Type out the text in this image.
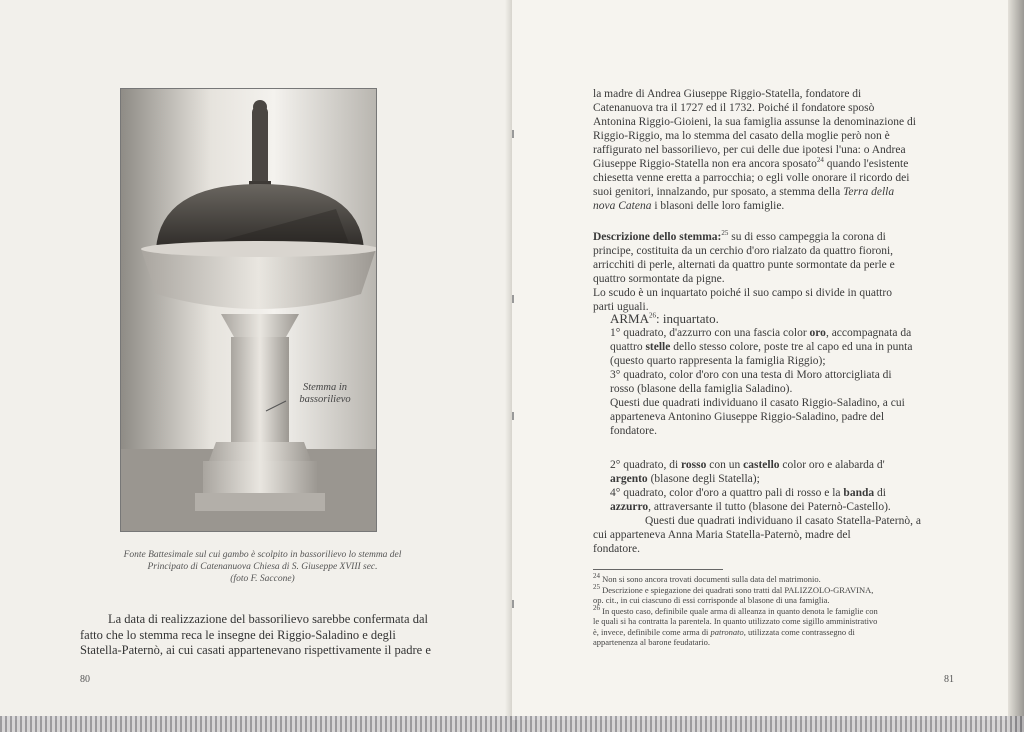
Stemma in
bassorilievo
Fonte Battesimale sul cui gambo è scolpito in bassorilievo lo stemma del
Principato di Catenanuova Chiesa di S. Giuseppe XVIII sec.
(foto F. Saccone)
La data di realizzazione del bassorilievo sarebbe confermata dal
fatto che lo stemma reca le insegne dei Riggio-Saladino e degli
Statella-Paternò, ai cui casati appartenevano rispettivamente il padre e
80
la madre di Andrea Giuseppe Riggio-Statella, fondatore di
Catenanuova tra il 1727 ed il 1732. Poiché il fondatore sposò
Antonina Riggio-Gioieni, la sua famiglia assunse la denominazione di
Riggio-Riggio, ma lo stemma del casato della moglie però non è
raffigurato nel bassorilievo, per cui delle due ipotesi l'una: o Andrea
Giuseppe Riggio-Statella non era ancora sposato$^{24}$ quando l'esistente
chiesetta venne eretta a parrocchia; o egli volle onorare il ricordo dei
suoi genitori, innalzando, pur sposato, a stemma della Terra della
nova Catena i blasoni delle loro famiglie.
Descrizione dello stemma:$^{25}$ su di esso campeggia la corona di
principe, costituita da un cerchio d'oro rialzato da quattro fioroni,
arricchiti di perle, alternati da quattro punte sormontate da perle e
quattro sormontate da pigne.
Lo scudo è un inquartato poiché il suo campo si divide in quattro
parti uguali.
ARMA$^{26}$: inquartato.
1° quadrato, d'azzurro con una fascia color oro, accompagnata da
quattro stelle dello stesso colore, poste tre al capo ed una in punta
(questo quarto rappresenta la famiglia Riggio);
3° quadrato, color d'oro con una testa di Moro attorcigliata di
rosso (blasone della famiglia Saladino).
Questi due quadrati individuano il casato Riggio-Saladino, a cui
apparteneva Antonino Giuseppe Riggio-Saladino, padre del
fondatore.
2° quadrato, di rosso con un castello color oro e alabarda d'
argento (blasone degli Statella);
4° quadrato, color d'oro a quattro pali di rosso e la banda di
azzurro, attraversante il tutto (blasone dei Paternò-Castello).
Questi due quadrati individuano il casato Statella-Paternò, a
cui apparteneva Anna Maria Statella-Paternò, madre del
fondatore.
$^{24}$ Non si sono ancora trovati documenti sulla data del matrimonio.
$^{25}$ Descrizione e spiegazione dei quadrati sono tratti dal PALIZZOLO-GRAVINA,
op. cit., in cui ciascuno di essi corrisponde al blasone di una famiglia.
$^{26}$ In questo caso, definibile quale arma di alleanza in quanto denota le famiglie con
le quali si ha contratta la parentela. In quanto utilizzato come sigillo amministrativo
è, invece, definibile come arma di patronato, utilizzata come contrassegno di
appartenenza al barone feudatario.
81
